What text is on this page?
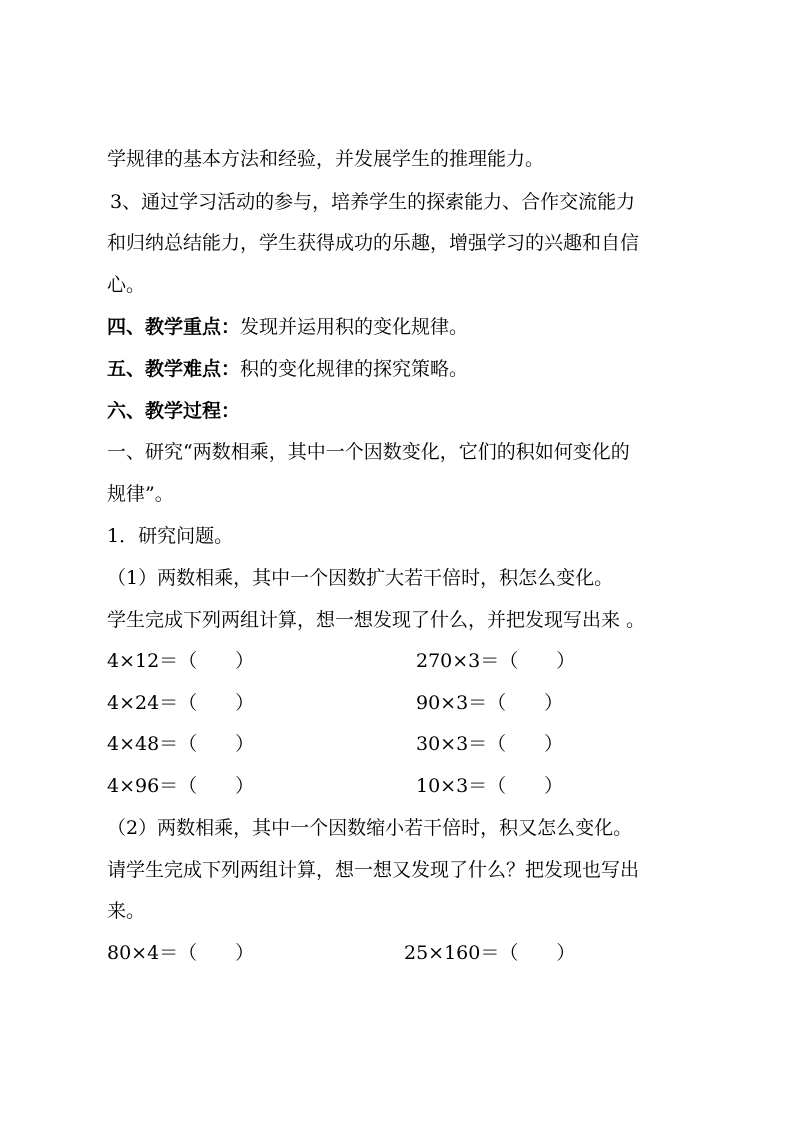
学规律的基本方法和经验，并发展学生的推理能力。
3、通过学习活动的参与，培养学生的探索能力、合作交流能力
和归纳总结能力，学生获得成功的乐趣，增强学习的兴趣和自信
心。
四、教学重点：发现并运用积的变化规律。
五、教学难点：积的变化规律的探究策略。
六、教学过程：
一、研究“两数相乘，其中一个因数变化，它们的积如何变化的
规律”。
1．研究问题。
（1）两数相乘，其中一个因数扩大若干倍时，积怎么变化。
学生完成下列两组计算，想一想发现了什么，并把发现写出来 。
4×12＝（　　）	270×3＝（　　）
4×24＝（　　）	90×3＝（　　）
4×48＝（　　）	30×3＝（　　）
4×96＝（　　）	10×3＝（　　）
（2）两数相乘，其中一个因数缩小若干倍时，积又怎么变化。
请学生完成下列两组计算，想一想又发现了什么？把发现也写出
来。
80×4＝（　　）	25×160＝（　　）
